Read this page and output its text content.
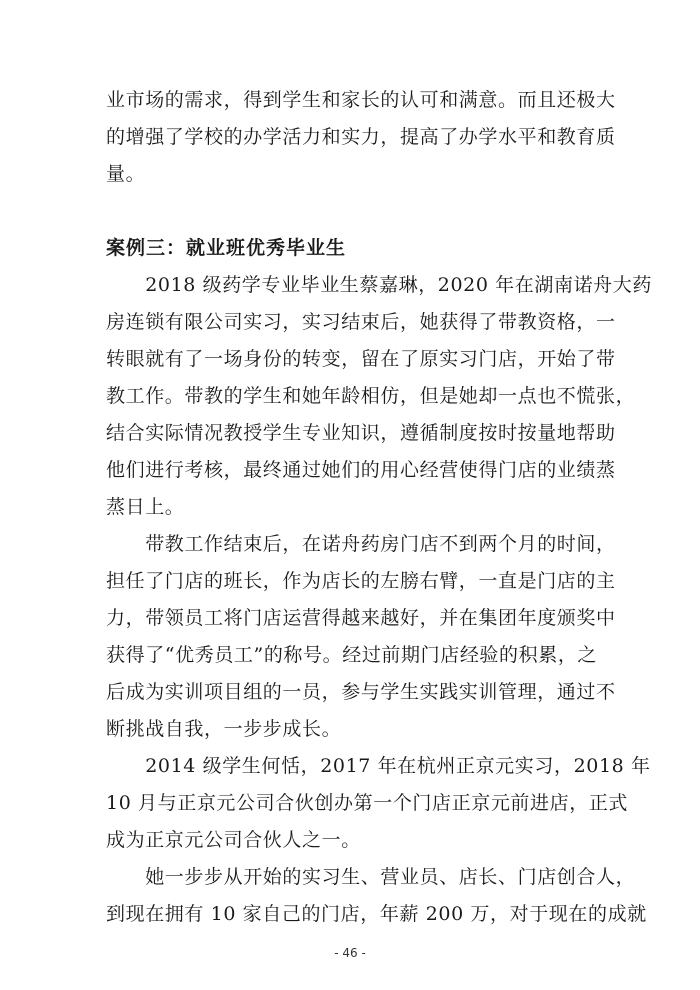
业市场的需求，得到学生和家长的认可和满意。而且还极大
的增强了学校的办学活力和实力，提高了办学水平和教育质
量。
案例三：就业班优秀毕业生
　　2018 级药学专业毕业生蔡嘉琳，2020 年在湖南诺舟大药
房连锁有限公司实习，实习结束后，她获得了带教资格，一
转眼就有了一场身份的转变，留在了原实习门店，开始了带
教工作。带教的学生和她年龄相仿，但是她却一点也不慌张，
结合实际情况教授学生专业知识，遵循制度按时按量地帮助
他们进行考核，最终通过她们的用心经营使得门店的业绩蒸
蒸日上。
　　带教工作结束后，在诺舟药房门店不到两个月的时间，
担任了门店的班长，作为店长的左膀右臂，一直是门店的主
力，带领员工将门店运营得越来越好，并在集团年度颁奖中
获得了“优秀员工”的称号。经过前期门店经验的积累，之
后成为实训项目组的一员，参与学生实践实训管理，通过不
断挑战自我，一步步成长。
　　2014 级学生何恬，2017 年在杭州正京元实习，2018 年
10 月与正京元公司合伙创办第一个门店正京元前进店，正式
成为正京元公司合伙人之一。
　　她一步步从开始的实习生、营业员、店长、门店创合人，
到现在拥有 10 家自己的门店，年薪 200 万，对于现在的成就
- 46 -
